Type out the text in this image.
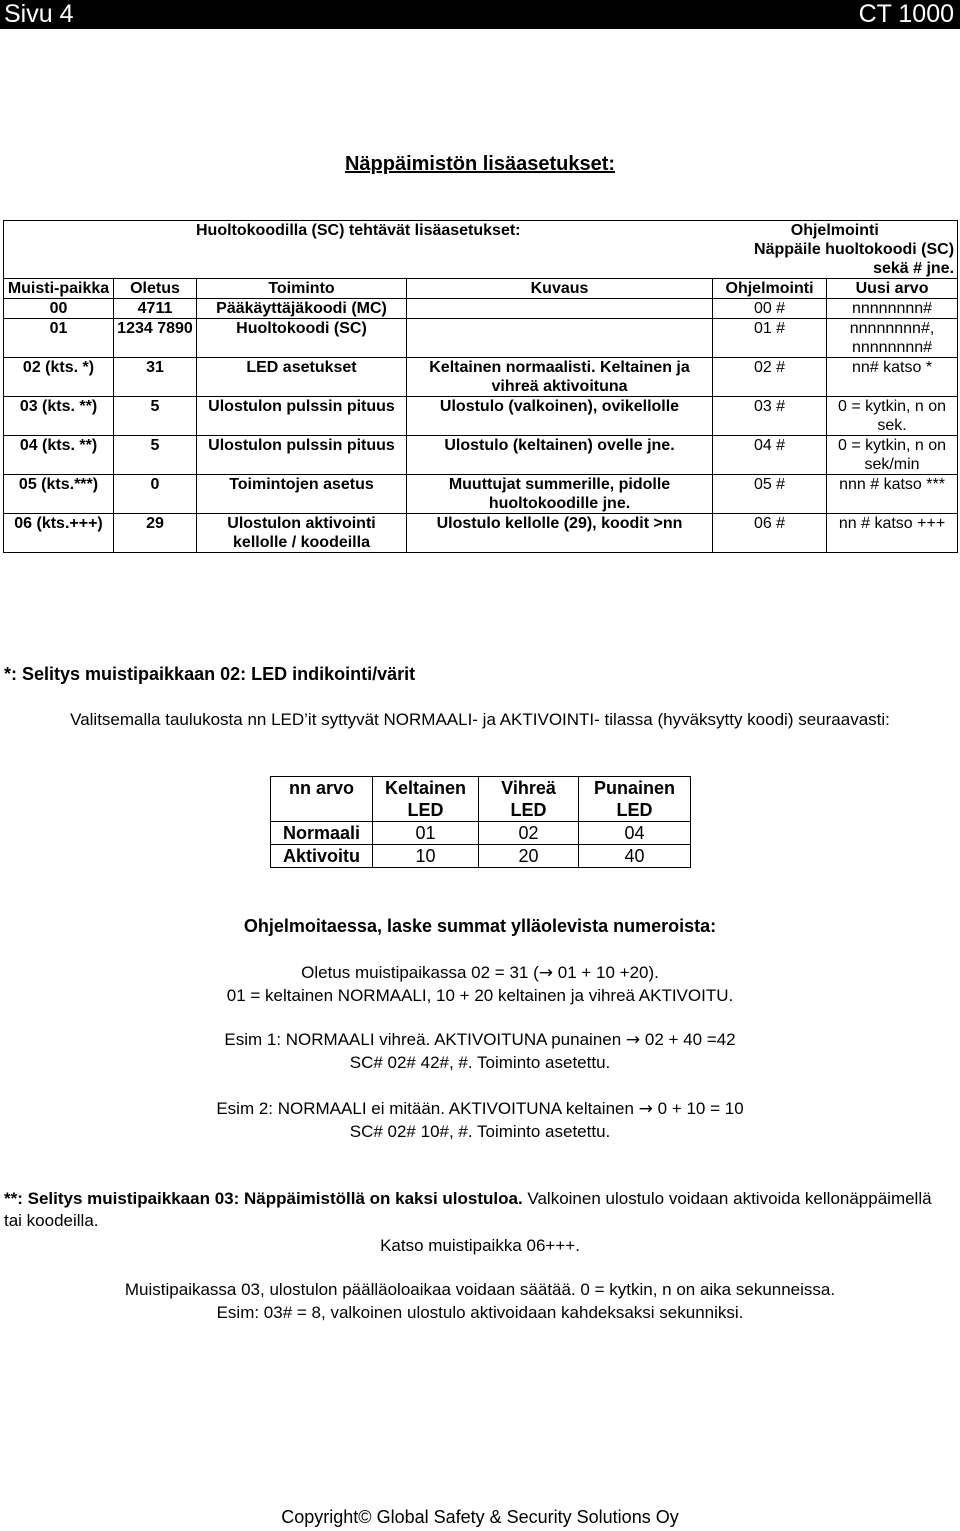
Sivu 4	CT 1000
Näppäimistön lisäasetukset:
Huoltokoodilla (SC) tehtävät lisäasetukset:				Ohjelmointi
Näppäile huoltokoodi (SC) sekä # jne.	

Muisti-paikka	Oletus	Toiminto	Kuvaus	Ohjelmointi	Uusi arvo
00	4711	Pääkäyttäjäkoodi (MC)		00 #	nnnnnnnn#
01	1234 7890	Huoltokoodi (SC)		01 #	nnnnnnnn#, nnnnnnnn#
02 (kts. *)	31	LED asetukset	Keltainen normaalisti. Keltainen ja vihreä aktivoituna	02 #	nn# katso *
03 (kts. **)	5	Ulostulon pulssin pituus	Ulostulo (valkoinen), ovikellolle	03 #	0 = kytkin, n on sek.
04 (kts. **)	5	Ulostulon pulssin pituus	Ulostulo (keltainen) ovelle jne.	04 #	0 = kytkin, n on sek/min
05 (kts.***)	0	Toimintojen asetus	Muuttujat summerille, pidolle huoltokoodille jne.	05 #	nnn # katso ***
06 (kts.+++)	29	Ulostulon aktivointi kellolle / koodeilla	Ulostulo kellolle (29), koodit >nn	06 #	nn # katso +++
*: Selitys muistipaikkaan 02: LED indikointi/värit
Valitsemalla taulukosta nn LED’it syttyvät NORMAALI- ja AKTIVOINTI- tilassa (hyväksytty koodi) seuraavasti:
nn arvo	Keltainen LED	Vihreä LED	Punainen LED
Normaali	01	02	04
Aktivoitu	10	20	40
Ohjelmoitaessa, laske summat ylläolevista numeroista:
Oletus muistipaikassa 02 = 31 (→ 01 + 10 +20).
01 = keltainen NORMAALI, 10 + 20 keltainen ja vihreä AKTIVOITU.
Esim 1: NORMAALI vihreä. AKTIVOITUNA punainen → 02 + 40 =42
SC# 02# 42#, #. Toiminto asetettu.
Esim 2: NORMAALI ei mitään. AKTIVOITUNA keltainen → 0 + 10 = 10
SC# 02# 10#, #. Toiminto asetettu.
**: Selitys muistipaikkaan 03: Näppäimistöllä on kaksi ulostuloa. Valkoinen ulostulo voidaan aktivoida kellonäppäimellä tai koodeilla.
Katso muistipaikka 06+++.
Muistipaikassa 03, ulostulon päälläoloaikaa voidaan säätää. 0 = kytkin, n on aika sekunneissa.
Esim: 03# = 8, valkoinen ulostulo aktivoidaan kahdeksaksi sekunniksi.
Copyright© Global Safety & Security Solutions Oy
